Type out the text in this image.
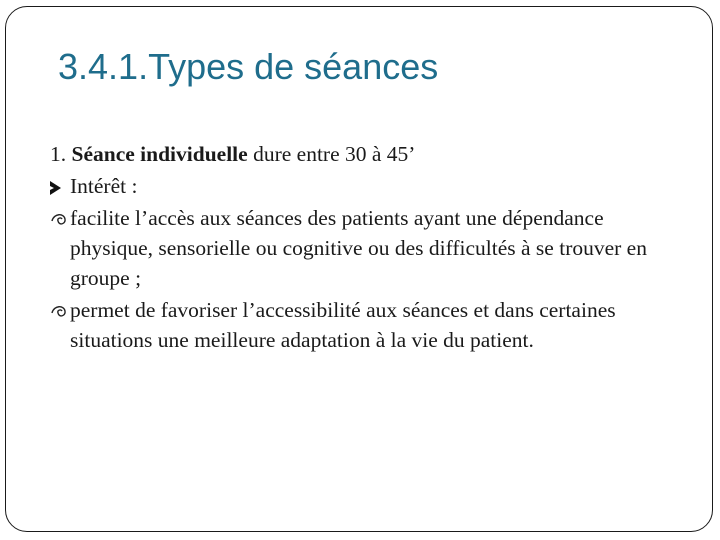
3.4.1.Types de séances

1. Séance individuelle dure entre 30 à 45’

Intérêt :

facilite l’accès aux séances des patients ayant une dépendance physique, sensorielle ou cognitive ou des difficultés à se trouver en groupe ;

permet de favoriser l’accessibilité aux séances et dans certaines situations une meilleure adaptation à la vie du patient.
